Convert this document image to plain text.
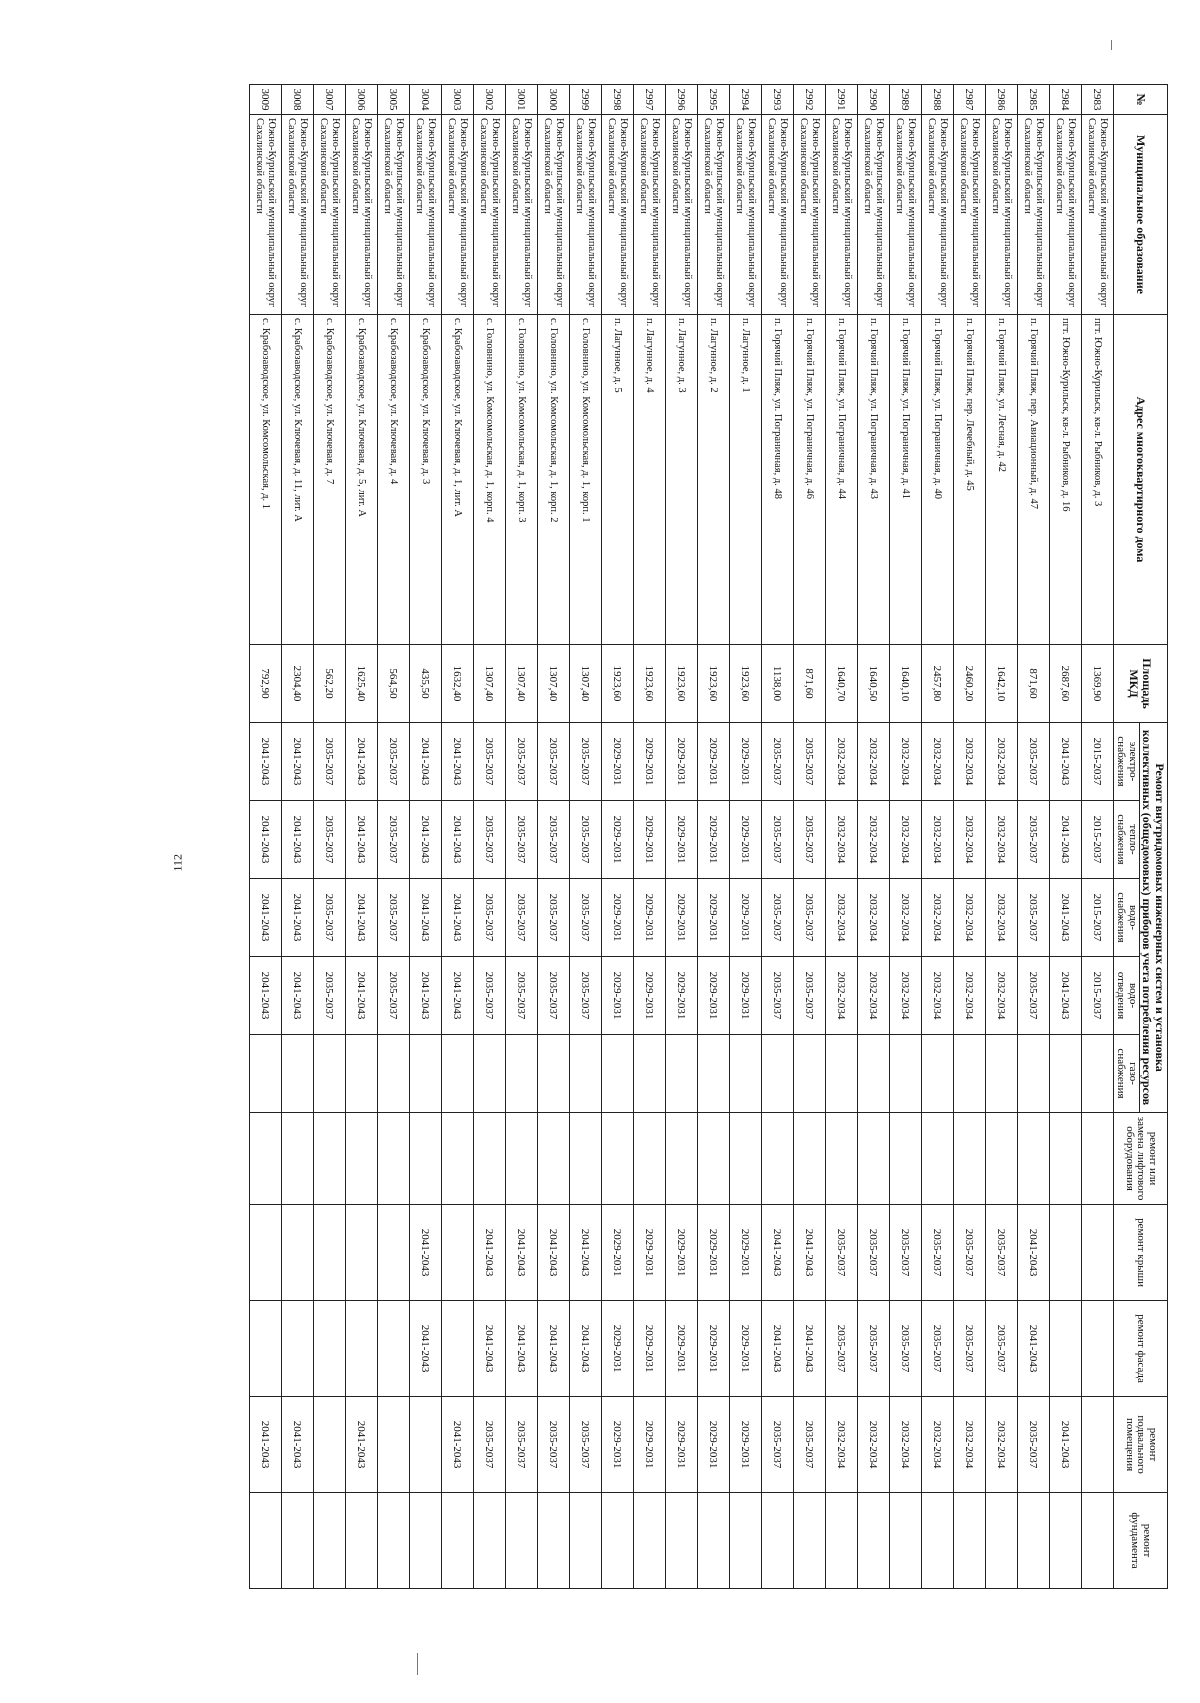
112
№	Муниципальное образование	Адрес многоквартирного дома	Площадь МКД	Ремонт внутридомовых инженерных систем и установка коллективных (общедомовых) приборов учета потребления ресурсов					ремонт или замена лифтового оборудования	ремонт крыши	ремонт фасада	ремонт подвального помещения	ремонт фундамента
				электро-снабжения	тепло-снабжения	водо-снабжения	водо-отведения	газо-снабжения					
2983	Южно-Курильский муниципальный округ Сахалинской области	пгт. Южно-Курильск, кв-л. Рыбников, д. 3	1369,90	2015-2037	2015-2037	2015-2037	2015-2037						
2984	Южно-Курильский муниципальный округ Сахалинской области	пгт. Южно-Курильск, кв-л. Рыбников, д. 16	2687,60	2041-2043	2041-2043	2041-2043	2041-2043					2041-2043	
2985	Южно-Курильский муниципальный округ Сахалинской области	п. Горячий Пляж, пер. Авиационный, д. 47	871,60	2035-2037	2035-2037	2035-2037	2035-2037			2041-2043	2041-2043	2035-2037	
2986	Южно-Курильский муниципальный округ Сахалинской области	п. Горячий Пляж, ул. Лесная, д. 42	1642,10	2032-2034	2032-2034	2032-2034	2032-2034			2035-2037	2035-2037	2032-2034	
2987	Южно-Курильский муниципальный округ Сахалинской области	п. Горячий Пляж, пер. Лечебный, д. 45	2460,20	2032-2034	2032-2034	2032-2034	2032-2034			2035-2037	2035-2037	2032-2034	
2988	Южно-Курильский муниципальный округ Сахалинской области	п. Горячий Пляж, ул. Пограничная, д. 40	2457,80	2032-2034	2032-2034	2032-2034	2032-2034			2035-2037	2035-2037	2032-2034	
2989	Южно-Курильский муниципальный округ Сахалинской области	п. Горячий Пляж, ул. Пограничная, д. 41	1640,10	2032-2034	2032-2034	2032-2034	2032-2034			2035-2037	2035-2037	2032-2034	
2990	Южно-Курильский муниципальный округ Сахалинской области	п. Горячий Пляж, ул. Пограничная, д. 43	1640,50	2032-2034	2032-2034	2032-2034	2032-2034			2035-2037	2035-2037	2032-2034	
2991	Южно-Курильский муниципальный округ Сахалинской области	п. Горячий Пляж, ул. Пограничная, д. 44	1640,70	2032-2034	2032-2034	2032-2034	2032-2034			2035-2037	2035-2037	2032-2034	
2992	Южно-Курильский муниципальный округ Сахалинской области	п. Горячий Пляж, ул. Пограничная, д. 46	871,60	2035-2037	2035-2037	2035-2037	2035-2037			2041-2043	2041-2043	2035-2037	
2993	Южно-Курильский муниципальный округ Сахалинской области	п. Горячий Пляж, ул. Пограничная, д. 48	1138,00	2035-2037	2035-2037	2035-2037	2035-2037			2041-2043	2041-2043	2035-2037	
2994	Южно-Курильский муниципальный округ Сахалинской области	п. Лагунное, д. 1	1923,60	2029-2031	2029-2031	2029-2031	2029-2031			2029-2031	2029-2031	2029-2031	
2995	Южно-Курильский муниципальный округ Сахалинской области	п. Лагунное, д. 2	1923,60	2029-2031	2029-2031	2029-2031	2029-2031			2029-2031	2029-2031	2029-2031	
2996	Южно-Курильский муниципальный округ Сахалинской области	п. Лагунное, д. 3	1923,60	2029-2031	2029-2031	2029-2031	2029-2031			2029-2031	2029-2031	2029-2031	
2997	Южно-Курильский муниципальный округ Сахалинской области	п. Лагунное, д. 4	1923,60	2029-2031	2029-2031	2029-2031	2029-2031			2029-2031	2029-2031	2029-2031	
2998	Южно-Курильский муниципальный округ Сахалинской области	п. Лагунное, д. 5	1923,60	2029-2031	2029-2031	2029-2031	2029-2031			2029-2031	2029-2031	2029-2031	
2999	Южно-Курильский муниципальный округ Сахалинской области	с. Головнино, ул. Комсомольская, д. 1, корп. 1	1307,40	2035-2037	2035-2037	2035-2037	2035-2037			2041-2043	2041-2043	2035-2037	
3000	Южно-Курильский муниципальный округ Сахалинской области	с. Головнино, ул. Комсомольская, д. 1, корп. 2	1307,40	2035-2037	2035-2037	2035-2037	2035-2037			2041-2043	2041-2043	2035-2037	
3001	Южно-Курильский муниципальный округ Сахалинской области	с. Головнино, ул. Комсомольская, д. 1, корп. 3	1307,40	2035-2037	2035-2037	2035-2037	2035-2037			2041-2043	2041-2043	2035-2037	
3002	Южно-Курильский муниципальный округ Сахалинской области	с. Головнино, ул. Комсомольская, д. 1, корп. 4	1307,40	2035-2037	2035-2037	2035-2037	2035-2037			2041-2043	2041-2043	2035-2037	
3003	Южно-Курильский муниципальный округ Сахалинской области	с. Крабозаводское, ул. Ключевая, д. 1, лит. А	1632,40	2041-2043	2041-2043	2041-2043	2041-2043					2041-2043	
3004	Южно-Курильский муниципальный округ Сахалинской области	с. Крабозаводское, ул. Ключевая, д. 3	435,50	2041-2043	2041-2043	2041-2043	2041-2043			2041-2043	2041-2043		
3005	Южно-Курильский муниципальный округ Сахалинской области	с. Крабозаводское, ул. Ключевая, д. 4	564,50	2035-2037	2035-2037	2035-2037	2035-2037						
3006	Южно-Курильский муниципальный округ Сахалинской области	с. Крабозаводское, ул. Ключевая, д. 5, лит. А	1625,40	2041-2043	2041-2043	2041-2043	2041-2043					2041-2043	
3007	Южно-Курильский муниципальный округ Сахалинской области	с. Крабозаводское, ул. Ключевая, д. 7	562,20	2035-2037	2035-2037	2035-2037	2035-2037						
3008	Южно-Курильский муниципальный округ Сахалинской области	с. Крабозаводское, ул. Ключевая, д. 11, лит. А	2304,40	2041-2043	2041-2043	2041-2043	2041-2043					2041-2043	
3009	Южно-Курильский муниципальный округ Сахалинской области	с. Крабозаводское, ул. Комсомольская, д. 1	792,90	2041-2043	2041-2043	2041-2043	2041-2043					2041-2043	
